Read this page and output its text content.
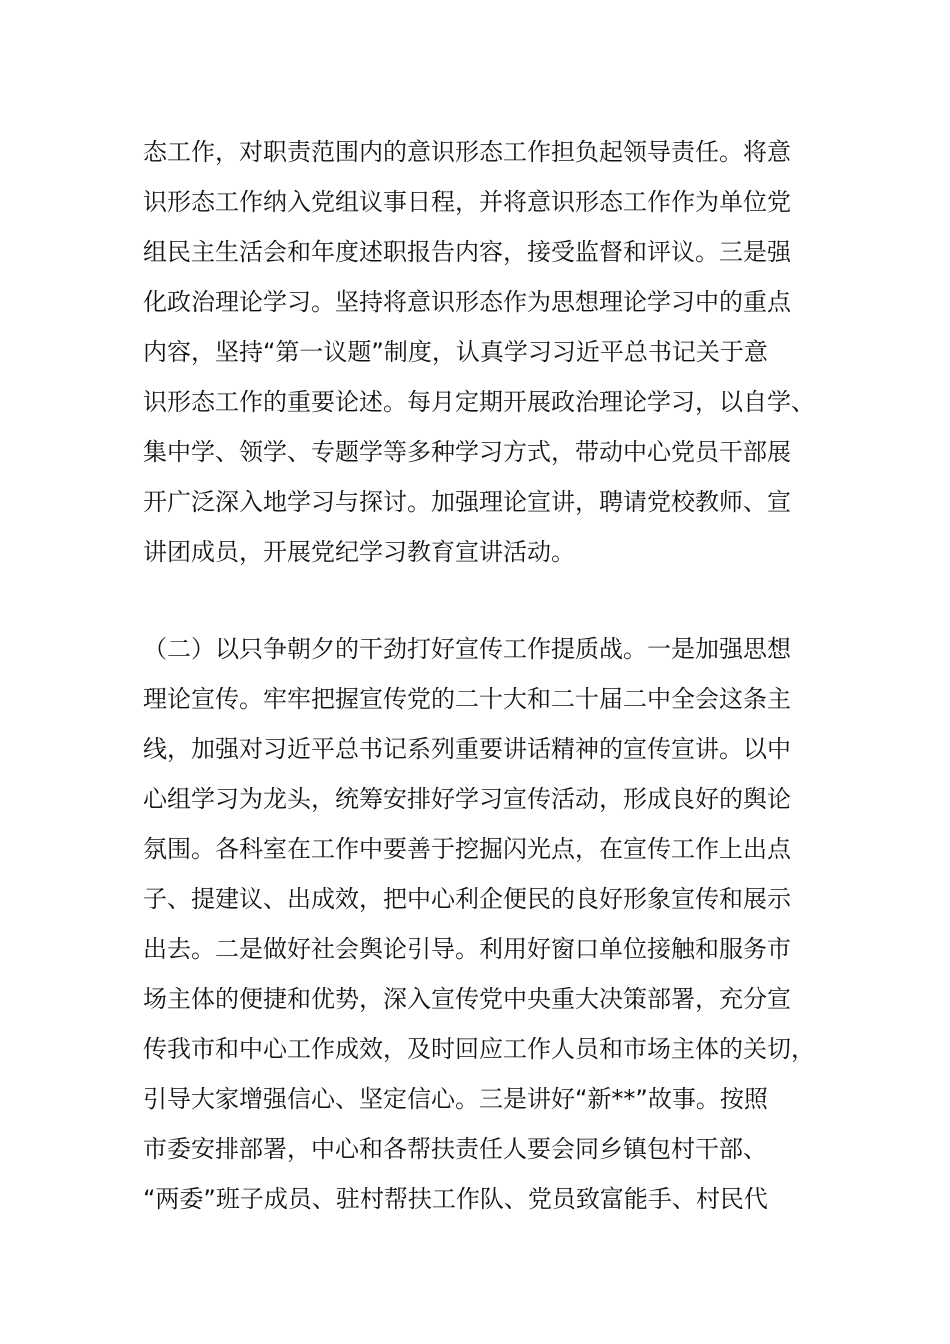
态工作，对职责范围内的意识形态工作担负起领导责任。将意
识形态工作纳入党组议事日程，并将意识形态工作作为单位党
组民主生活会和年度述职报告内容，接受监督和评议。三是强
化政治理论学习。坚持将意识形态作为思想理论学习中的重点
内容，坚持“第一议题”制度，认真学习习近平总书记关于意
识形态工作的重要论述。每月定期开展政治理论学习，以自学、
集中学、领学、专题学等多种学习方式，带动中心党员干部展
开广泛深入地学习与探讨。加强理论宣讲，聘请党校教师、宣
讲团成员，开展党纪学习教育宣讲活动。
（二）以只争朝夕的干劲打好宣传工作提质战。一是加强思想
理论宣传。牢牢把握宣传党的二十大和二十届二中全会这条主
线，加强对习近平总书记系列重要讲话精神的宣传宣讲。以中
心组学习为龙头，统筹安排好学习宣传活动，形成良好的舆论
氛围。各科室在工作中要善于挖掘闪光点，在宣传工作上出点
子、提建议、出成效，把中心利企便民的良好形象宣传和展示
出去。二是做好社会舆论引导。利用好窗口单位接触和服务市
场主体的便捷和优势，深入宣传党中央重大决策部署，充分宣
传我市和中心工作成效，及时回应工作人员和市场主体的关切，
引导大家增强信心、坚定信心。三是讲好“新**”故事。按照
市委安排部署，中心和各帮扶责任人要会同乡镇包村干部、
“两委”班子成员、驻村帮扶工作队、党员致富能手、村民代
